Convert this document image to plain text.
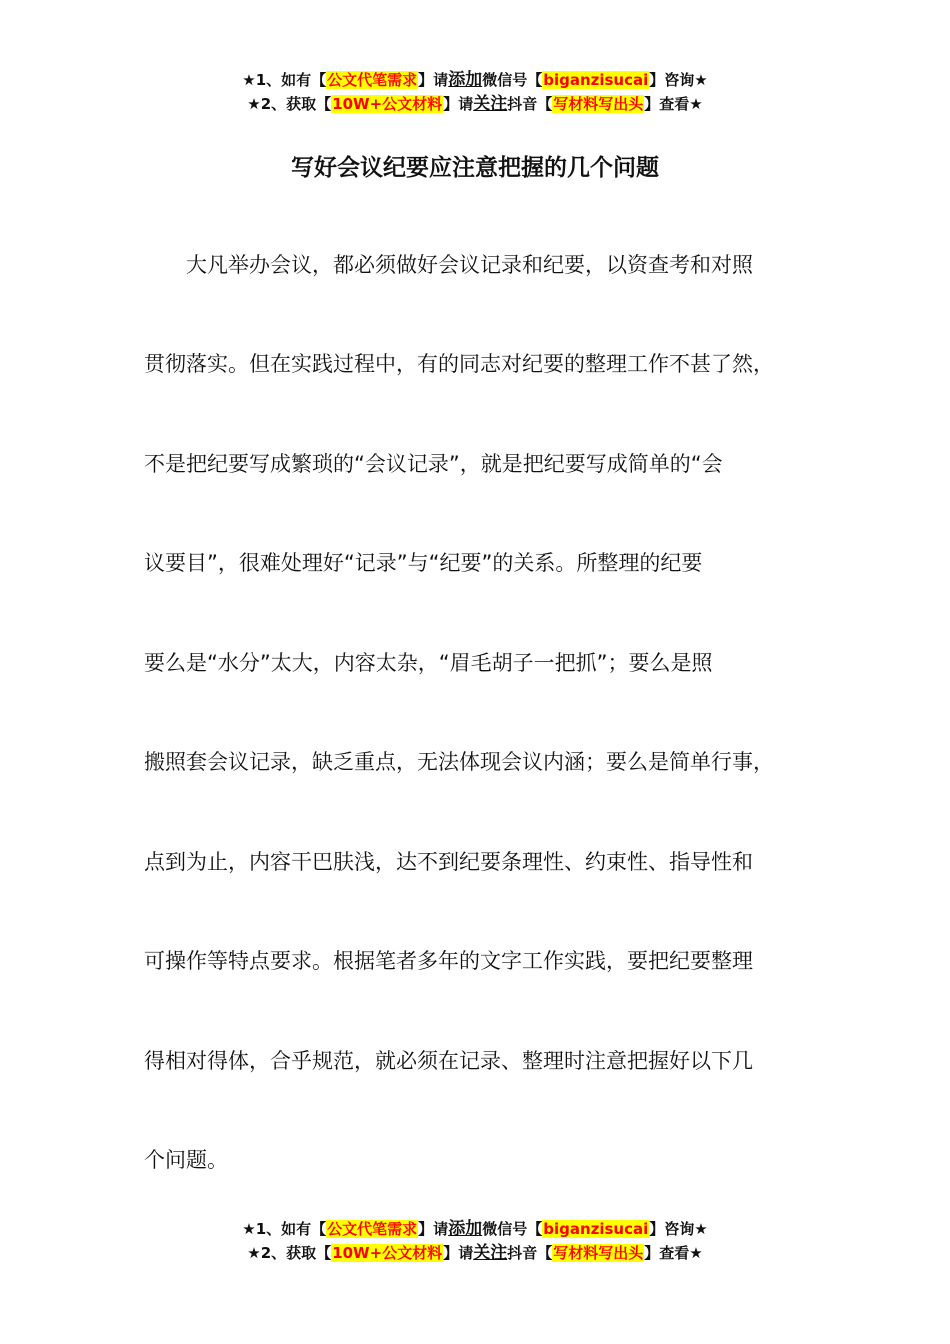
★1、如有【公文代笔需求】请添加微信号【biganzisucai】咨询★
★2、获取【10W+公文材料】请关注抖音【写材料写出头】查看★
写好会议纪要应注意把握的几个问题
　　大凡举办会议，都必须做好会议记录和纪要，以资查考和对照
贯彻落实。但在实践过程中，有的同志对纪要的整理工作不甚了然，
不是把纪要写成繁琐的“会议记录”，就是把纪要写成简单的“会
议要目”，很难处理好“记录”与“纪要”的关系。所整理的纪要
要么是“水分”太大，内容太杂，“眉毛胡子一把抓”；要么是照
搬照套会议记录，缺乏重点，无法体现会议内涵；要么是简单行事，
点到为止，内容干巴肤浅，达不到纪要条理性、约束性、指导性和
可操作等特点要求。根据笔者多年的文字工作实践，要把纪要整理
得相对得体，合乎规范，就必须在记录、整理时注意把握好以下几
个问题。
★1、如有【公文代笔需求】请添加微信号【biganzisucai】咨询★
★2、获取【10W+公文材料】请关注抖音【写材料写出头】查看★
